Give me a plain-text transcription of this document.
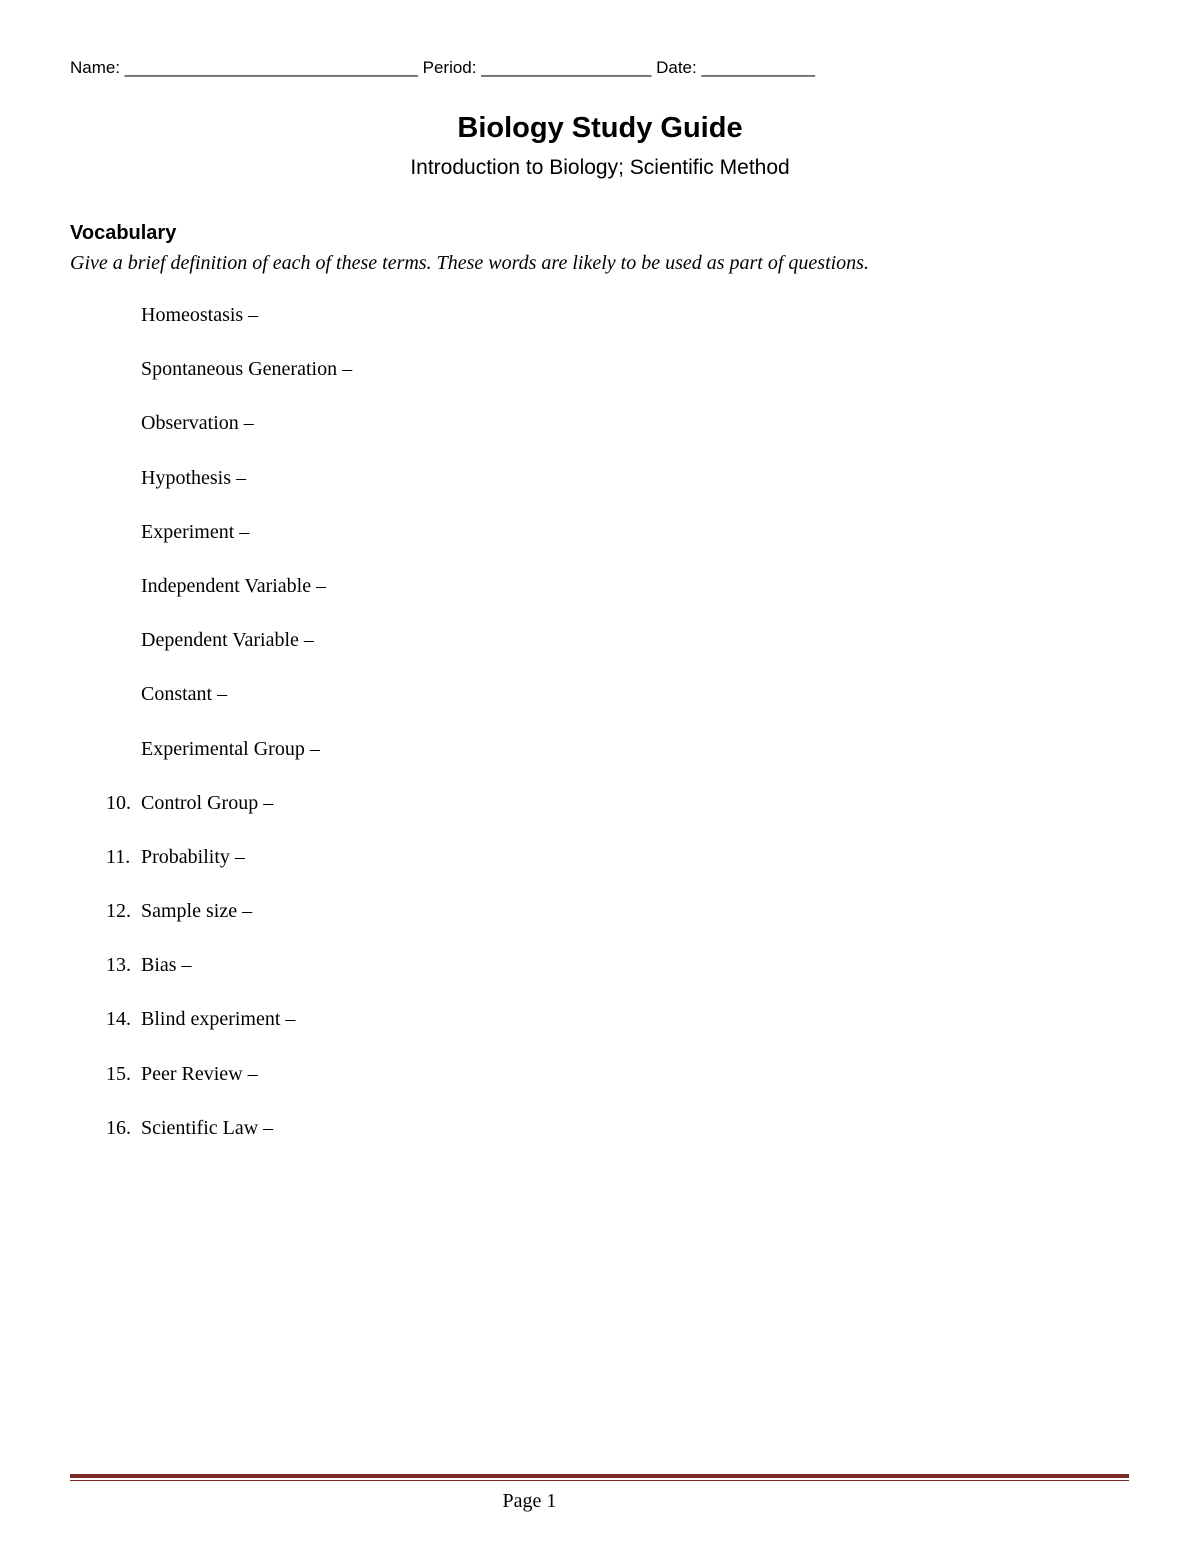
Name: _______________________________ Period: __________________ Date: ____________
Biology Study Guide
Introduction to Biology; Scientific Method
Vocabulary
Give a brief definition of each of these terms. These words are likely to be used as part of questions.
Homeostasis –
Spontaneous Generation –
Observation –
Hypothesis –
Experiment –
Independent Variable –
Dependent Variable –
Constant –
Experimental Group –
10. Control Group –
11. Probability –
12. Sample size –
13. Bias –
14. Blind experiment –
15. Peer Review –
16. Scientific Law –
Page 1
